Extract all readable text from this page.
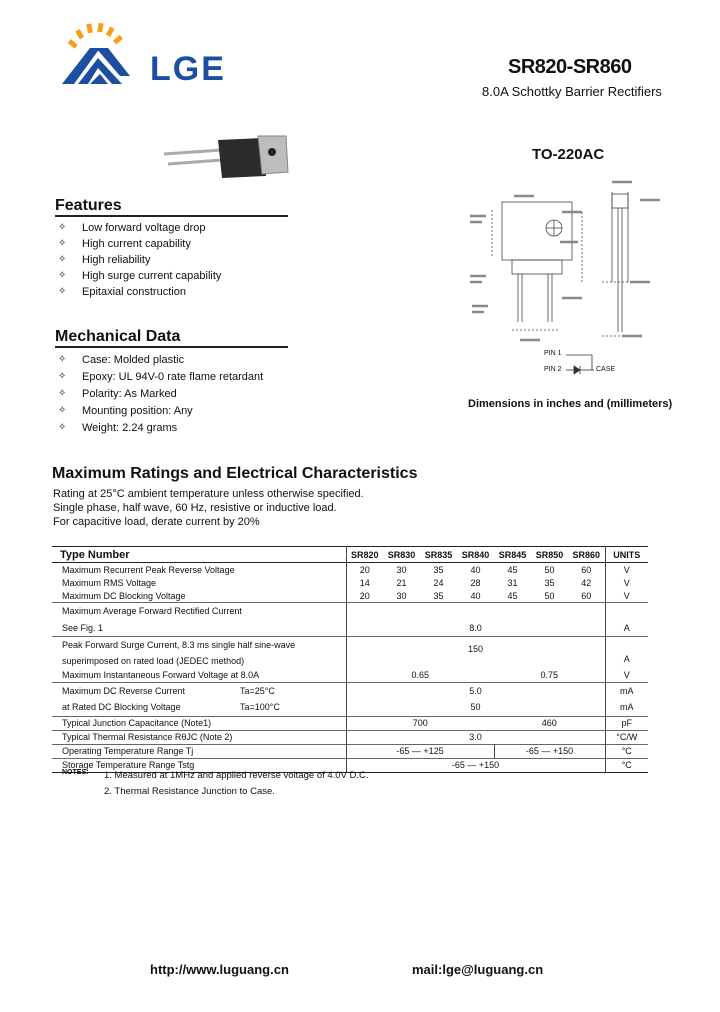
LGE	SR820-SR860
8.0A Schottky Barrier Rectifiers
TO-220AC
Features
✧ Low forward voltage drop
✧ High current capability
✧ High reliability
✧ High surge current capability
✧ Epitaxial construction
Mechanical Data
✧ Case: Molded plastic
✧ Epoxy: UL 94V-0 rate flame retardant
✧ Polarity: As Marked
✧ Mounting position: Any
✧ Weight: 2.24 grams
PIN 1
PIN 2	CASE
Dimensions in inches and (millimeters)
Maximum Ratings and Electrical Characteristics
Rating at 25°C ambient temperature unless otherwise specified.
Single phase, half wave, 60 Hz, resistive or inductive load.
For capacitive load, derate current by 20%
Type Number		SR820	SR830	SR835	SR840	SR845	SR850	SR860	UNITS
Maximum Recurrent Peak Reverse Voltage		20	30	35	40	45	50	60	V
Maximum RMS Voltage		14	21	24	28	31	35	42	V
Maximum DC Blocking Voltage		20	30	35	40	45	50	60	V
Maximum Average Forward Rectified Current									
See Fig. 1		8.0							A
Peak Forward Surge Current, 8.3 ms single half sine-wave		150							
superimposed on rated load (JEDEC method)									A
Maximum Instantaneous Forward Voltage at 8.0A		0.65				0.75			V
Maximum DC Reverse Current	Ta=25°C	5.0							mA
at Rated DC Blocking Voltage	Ta=100°C	50							mA
Typical Junction Capacitance (Note1)		700				460			pF
Typical Thermal Resistance RθJC (Note 2)		3.0							°C/W
Operating Temperature Range Tj		-65 — +125				-65 — +150			°C
Storage Temperature Range Tstg		-65 — +150							°C
NOTES: 1. Measured at 1MHz and applied reverse voltage of 4.0V D.C.
2. Thermal Resistance Junction to Case.
http://www.luguang.cn	mail:lge@luguang.cn
